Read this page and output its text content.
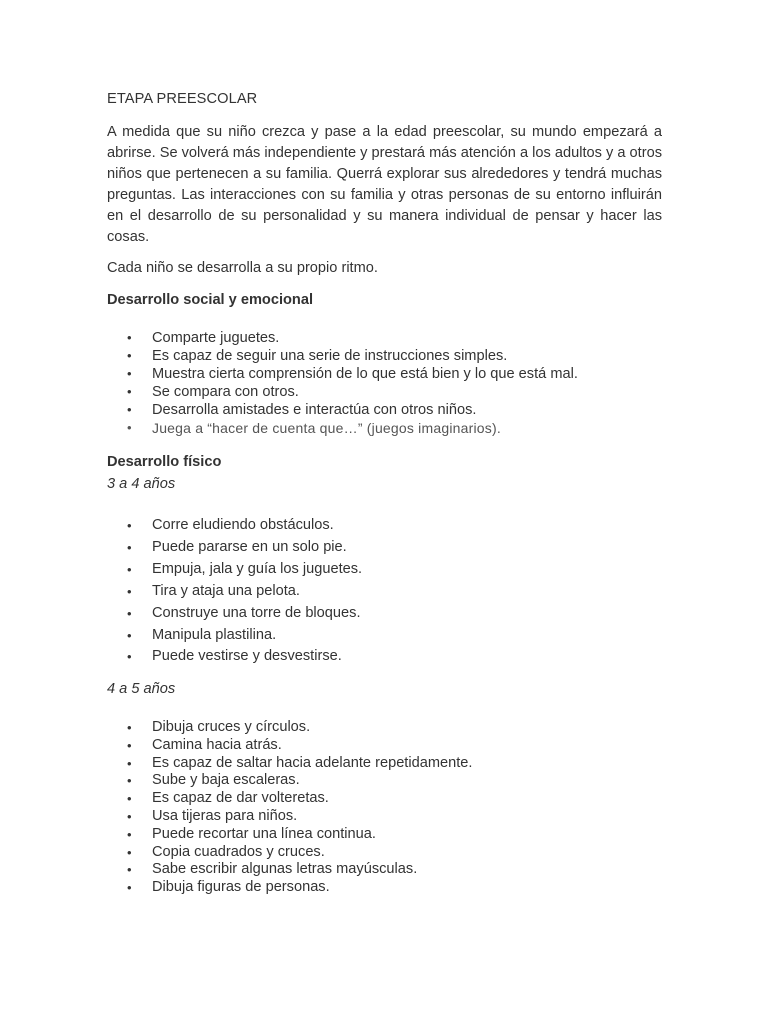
ETAPA PREESCOLAR

A medida que su niño crezca y pase a la edad preescolar, su mundo empezará a abrirse. Se volverá más independiente y prestará más atención a los adultos y a otros niños que pertenecen a su familia. Querrá explorar sus alrededores y tendrá muchas preguntas. Las interacciones con su familia y otras personas de su entorno influirán en el desarrollo de su personalidad y su manera individual de pensar y hacer las cosas.

Cada niño se desarrolla a su propio ritmo.

Desarrollo social y emocional
• Comparte juguetes.
• Es capaz de seguir una serie de instrucciones simples.
• Muestra cierta comprensión de lo que está bien y lo que está mal.
• Se compara con otros.
• Desarrolla amistades e interactúa con otros niños.
• Juega a “hacer de cuenta que…” (juegos imaginarios).
Desarrollo físico

3 a 4 años

• Corre eludiendo obstáculos.
• Puede pararse en un solo pie.
• Empuja, jala y guía los juguetes.
• Tira y ataja una pelota.
• Construye una torre de bloques.
• Manipula plastilina.
• Puede vestirse y desvestirse.

4 a 5 años

• Dibuja cruces y círculos.
• Camina hacia atrás.
• Es capaz de saltar hacia adelante repetidamente.
• Sube y baja escaleras.
• Es capaz de dar volteretas.
• Usa tijeras para niños.
• Puede recortar una línea continua.
• Copia cuadrados y cruces.
• Sabe escribir algunas letras mayúsculas.
• Dibuja figuras de personas.
